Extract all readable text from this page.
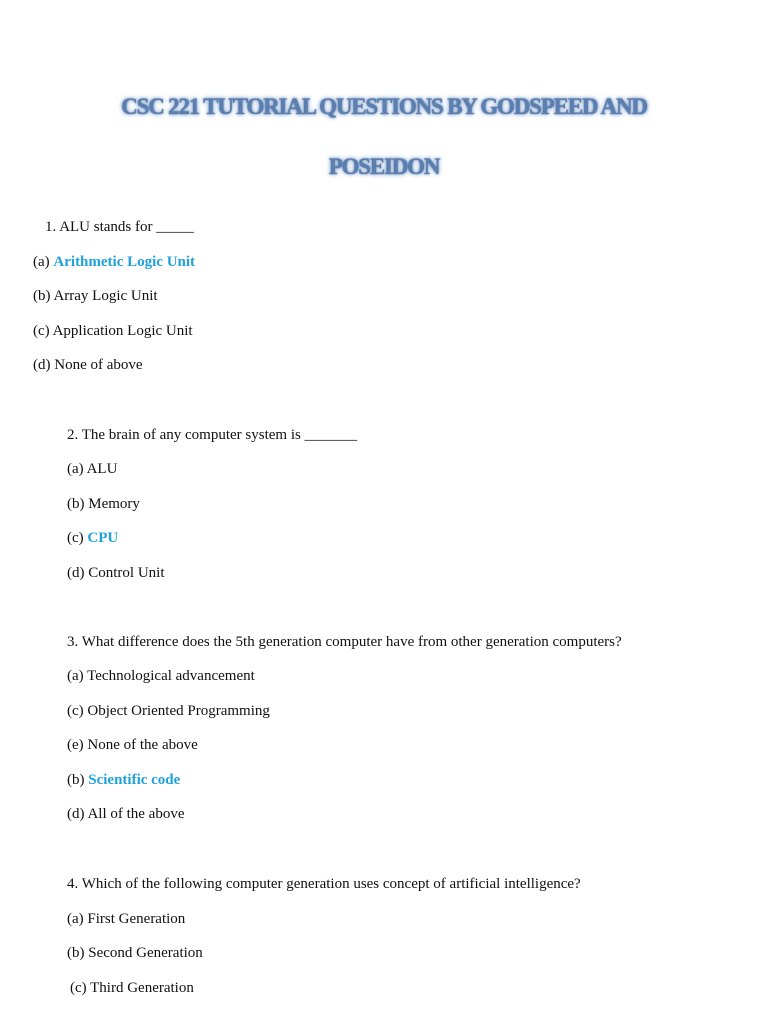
CSC 221 TUTORIAL QUESTIONS BY GODSPEED AND
POSEIDON
1. ALU stands for _____
(a) Arithmetic Logic Unit
(b) Array Logic Unit
(c) Application Logic Unit
(d) None of above
2. The brain of any computer system is _______
(a) ALU
(b) Memory
(c) CPU
(d) Control Unit
3. What difference does the 5th generation computer have from other generation computers?
(a) Technological advancement
(c) Object Oriented Programming
(e) None of the above
(b) Scientific code
(d) All of the above
4. Which of the following computer generation uses concept of artificial intelligence?
(a) First Generation
(b) Second Generation
(c) Third Generation
